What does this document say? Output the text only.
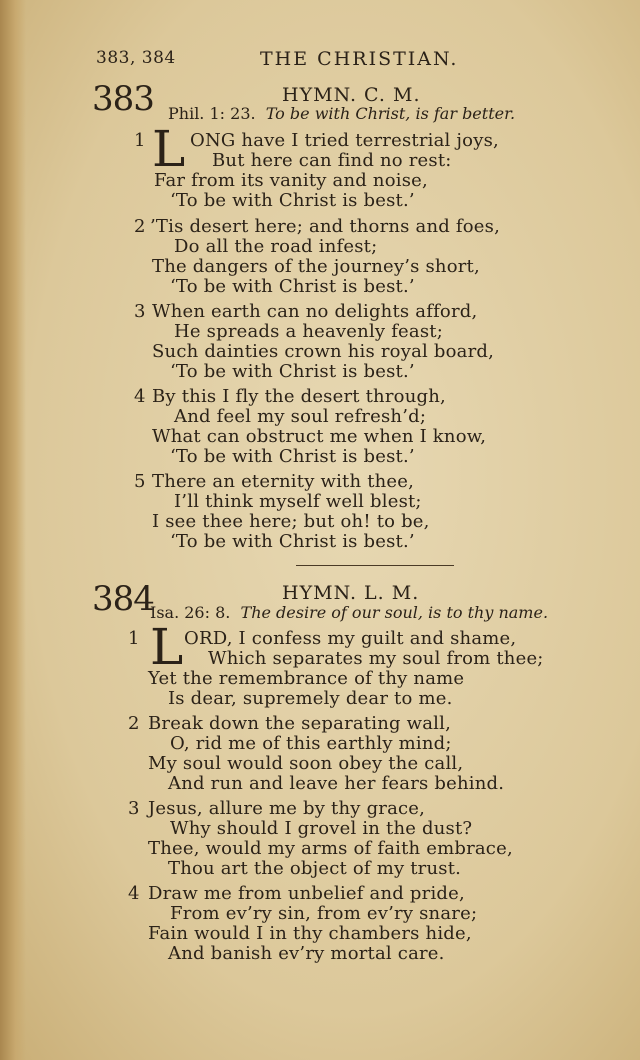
383, 384	THE CHRISTIAN.
383	HYMN. C. M.
Phil. 1: 23. To be with Christ, is far better.
1 L ONG have I tried terrestrial joys,
But here can find no rest:
Far from its vanity and noise,
‘To be with Christ is best.’
2 ’Tis desert here; and thorns and foes,
Do all the road infest;
The dangers of the journey’s short,
‘To be with Christ is best.’
3 When earth can no delights afford,
He spreads a heavenly feast;
Such dainties crown his royal board,
‘To be with Christ is best.’
4 By this I fly the desert through,
And feel my soul refresh’d;
What can obstruct me when I know,
‘To be with Christ is best.’
5 There an eternity with thee,
I’ll think myself well blest;
I see thee here; but oh! to be,
‘To be with Christ is best.’
384	HYMN. L. M.
Isa. 26: 8. The desire of our soul, is to thy name.
1 L ORD, I confess my guilt and shame,
Which separates my soul from thee;
Yet the remembrance of thy name
Is dear, supremely dear to me.
2 Break down the separating wall,
O, rid me of this earthly mind;
My soul would soon obey the call,
And run and leave her fears behind.
3 Jesus, allure me by thy grace,
Why should I grovel in the dust?
Thee, would my arms of faith embrace,
Thou art the object of my trust.
4 Draw me from unbelief and pride,
From ev’ry sin, from ev’ry snare;
Fain would I in thy chambers hide,
And banish ev’ry mortal care.
